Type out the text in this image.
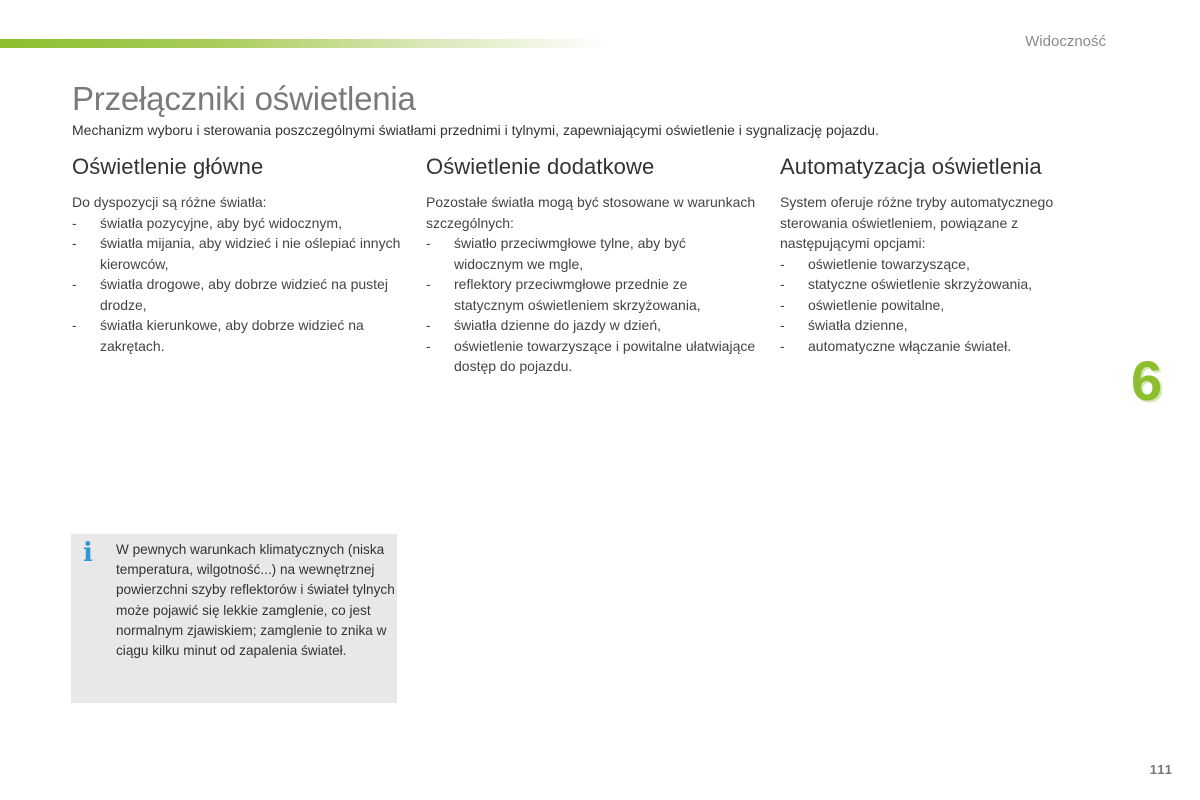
Widoczność
Przełączniki oświetlenia

Mechanizm wyboru i sterowania poszczególnymi światłami przednimi i tylnymi, zapewniającymi oświetlenie i sygnalizację pojazdu.

Oświetlenie główne

Do dyspozycji są różne światła:

- światła pozycyjne, aby być widocznym,
- światła mijania, aby widzieć i nie oślepiać innych kierowców,
- światła drogowe, aby dobrze widzieć na pustej drodze,
- światła kierunkowe, aby dobrze widzieć na zakrętach.
Oświetlenie dodatkowe

Pozostałe światła mogą być stosowane w warunkach szczególnych:

- światło przeciwmgłowe tylne, aby być widocznym we mgle,
- reflektory przeciwmgłowe przednie ze statycznym oświetleniem skrzyżowania,
- światła dzienne do jazdy w dzień,
- oświetlenie towarzyszące i powitalne ułatwiające dostęp do pojazdu.
Automatyzacja oświetlenia

System oferuje różne tryby automatycznego sterowania oświetleniem, powiązane z następującymi opcjami:

- oświetlenie towarzyszące,
- statyczne oświetlenie skrzyżowania,
- oświetlenie powitalne,
- światła dzienne,
- automatyczne włączanie świateł.
6
i W pewnych warunkach klimatycznych (niska temperatura, wilgotność...) na wewnętrznej powierzchni szyby reflektorów i świateł tylnych może pojawić się lekkie zamglenie, co jest normalnym zjawiskiem; zamglenie to znika w ciągu kilku minut od zapalenia świateł.

111
